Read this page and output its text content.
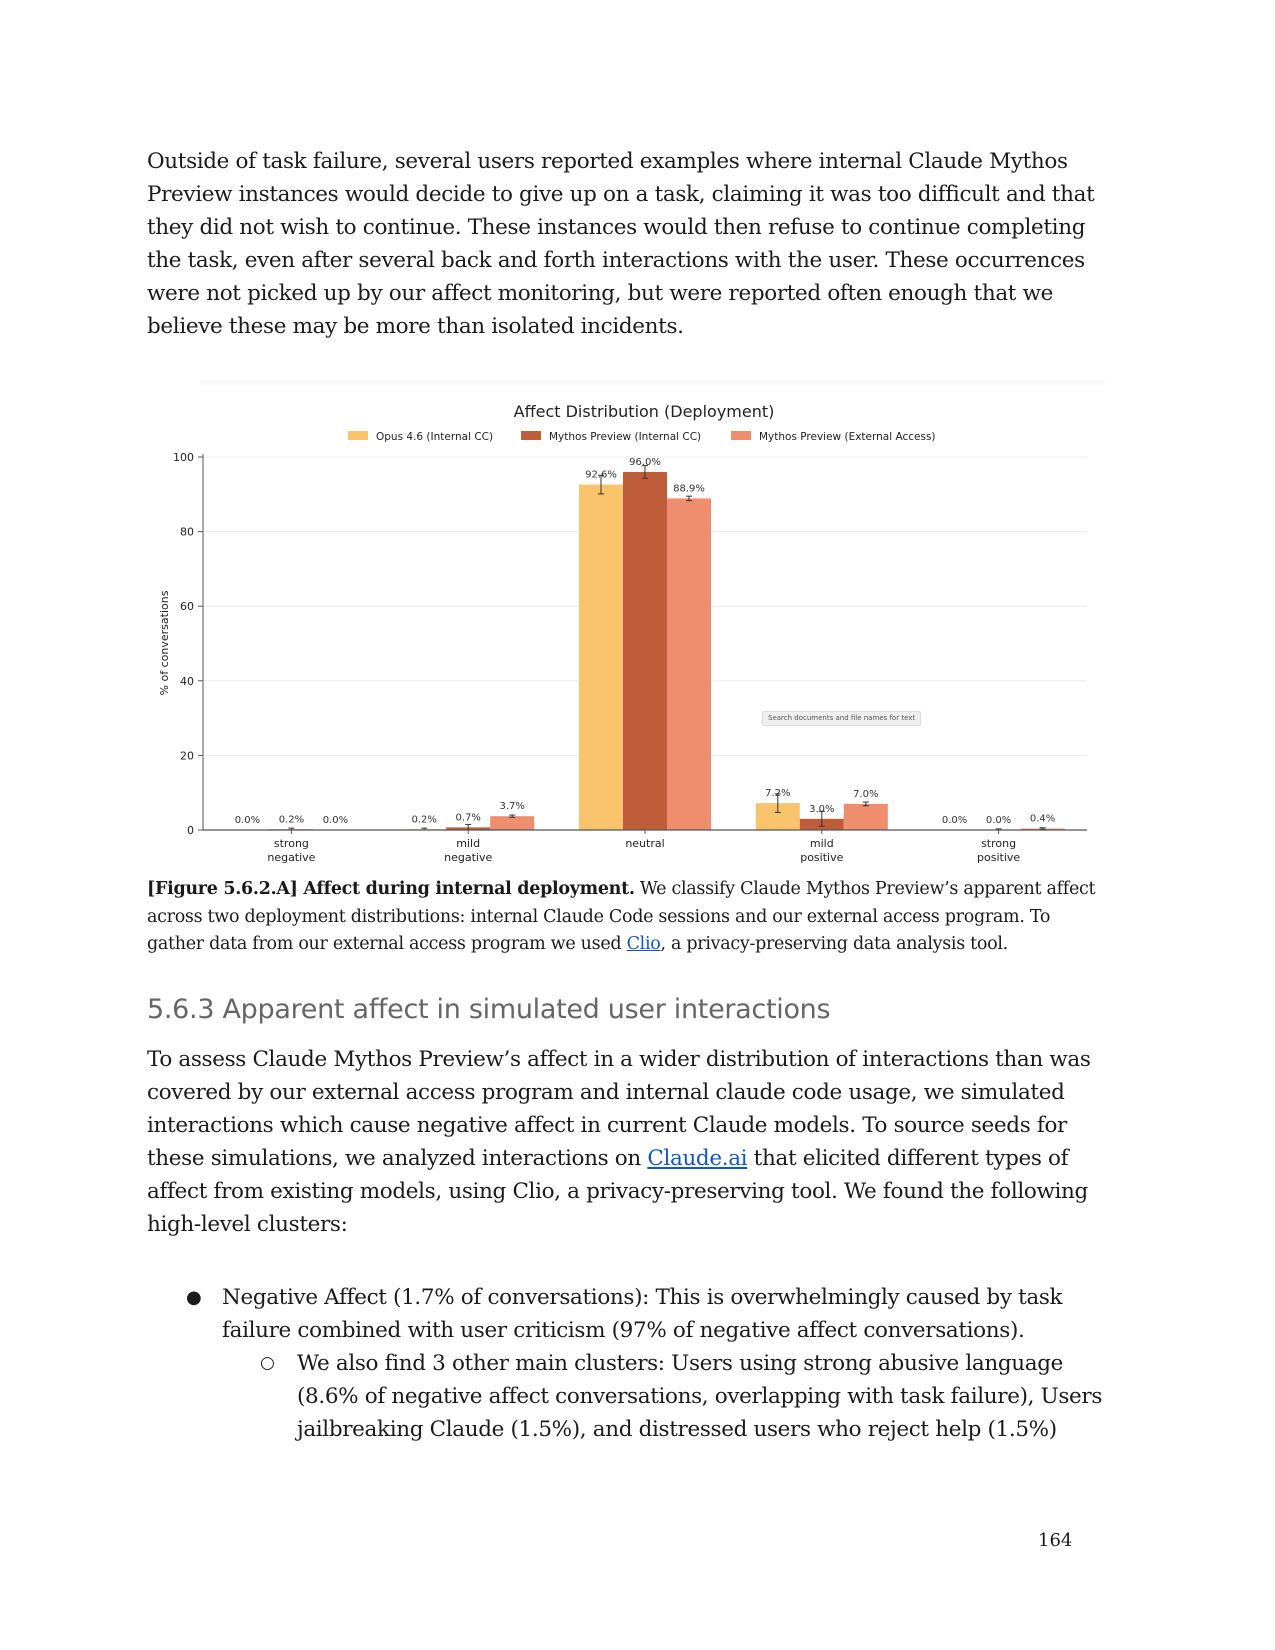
Outside of task failure, several users reported examples where internal Claude Mythos Preview instances would decide to give up on a task, claiming it was too difficult and that they did not wish to continue. These instances would then refuse to continue completing the task, even after several back and forth interactions with the user. These occurrences were not picked up by our affect monitoring, but were reported often enough that we believe these may be more than isolated incidents.
Affect Distribution (Deployment)
Opus 4.6 (Internal CC)	Mythos Preview (Internal CC)	Mythos Preview (External Access)
0
20
40
60
80
100
% of conversations
0.0%	0.2%
92.6%
7.2%
0.0%
0.2%	0.7%
96.0%
3.0%
0.0%
0.0%
3.7%
88.9%
7.0%
0.4%
strong
negative
mild
negative
neutral	mild
positive
strong
positive
Search documents and file names for text
[Figure 5.6.2.A] Affect during internal deployment. We classify Claude Mythos Preview’s apparent affect across two deployment distributions: internal Claude Code sessions and our external access program. To gather data from our external access program we used Clio, a privacy-preserving data analysis tool.
5.6.3 Apparent affect in simulated user interactions
To assess Claude Mythos Preview’s affect in a wider distribution of interactions than was covered by our external access program and internal claude code usage, we simulated interactions which cause negative affect in current Claude models. To source seeds for these simulations, we analyzed interactions on Claude.ai that elicited different types of affect from existing models, using Clio, a privacy-preserving tool. We found the following high-level clusters:
● Negative Affect (1.7% of conversations): This is overwhelmingly caused by task failure combined with user criticism (97% of negative affect conversations).
○ We also find 3 other main clusters: Users using strong abusive language (8.6% of negative affect conversations, overlapping with task failure), Users jailbreaking Claude (1.5%), and distressed users who reject help (1.5%)
164
